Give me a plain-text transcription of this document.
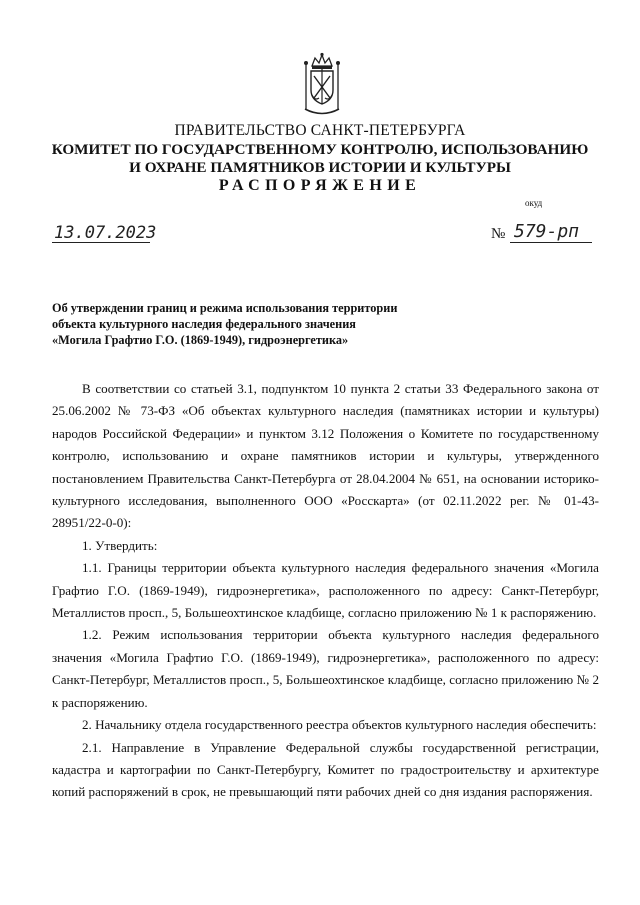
ПРАВИТЕЛЬСТВО САНКТ-ПЕТЕРБУРГА
КОМИТЕТ ПО ГОСУДАРСТВЕННОМУ КОНТРОЛЮ, ИСПОЛЬЗОВАНИЮ
И ОХРАНЕ ПАМЯТНИКОВ ИСТОРИИ И КУЛЬТУРЫ
РАСПОРЯЖЕНИЕ
окуд
13.07.2023	№ 579-рп
Об утверждении границ и режима использования территории
объекта культурного наследия федерального значения
«Могила Графтио Г.О. (1869-1949), гидроэнергетика»

В соответствии со статьей 3.1, подпунктом 10 пункта 2 статьи 33 Федерального закона от 25.06.2002 № 73-ФЗ «Об объектах культурного наследия (памятниках истории и культуры) народов Российской Федерации» и пунктом 3.12 Положения о Комитете по государственному контролю, использованию и охране памятников истории и культуры, утвержденного постановлением Правительства Санкт-Петербурга от 28.04.2004 № 651, на основании историко-культурного исследования, выполненного ООО «Росскарта» (от 02.11.2022 рег. № 01-43-28951/22-0-0):

1. Утвердить:

1.1. Границы территории объекта культурного наследия федерального значения «Могила Графтио Г.О. (1869-1949), гидроэнергетика», расположенного по адресу: Санкт-Петербург, Металлистов просп., 5, Большеохтинское кладбище, согласно приложению № 1 к распоряжению.

1.2. Режим использования территории объекта культурного наследия федерального значения «Могила Графтио Г.О. (1869-1949), гидроэнергетика», расположенного по адресу: Санкт-Петербург, Металлистов просп., 5, Большеохтинское кладбище, согласно приложению № 2 к распоряжению.

2. Начальнику отдела государственного реестра объектов культурного наследия обеспечить:

2.1. Направление в Управление Федеральной службы государственной регистрации, кадастра и картографии по Санкт-Петербургу, Комитет по градостроительству и архитектуре копий распоряжений в срок, не превышающий пяти рабочих дней со дня издания распоряжения.
